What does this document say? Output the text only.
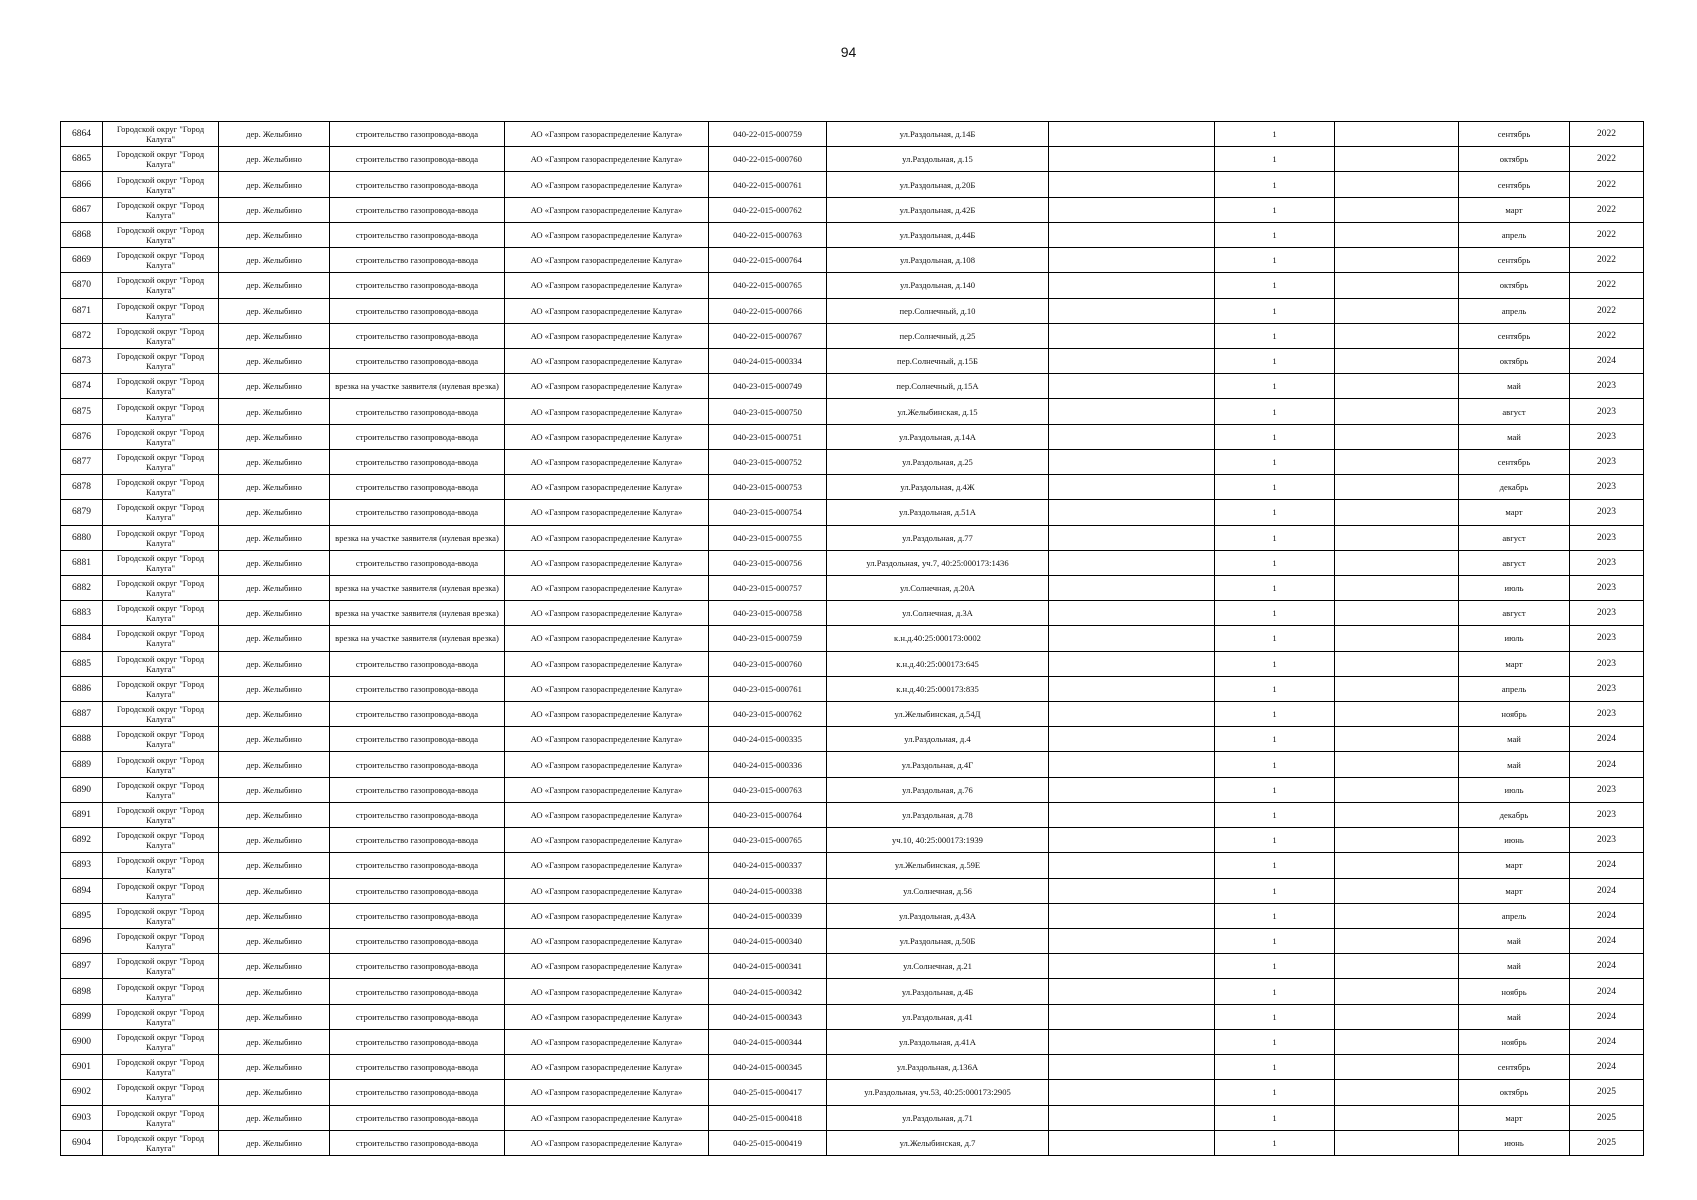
94
6864	Городской округ "Город Калуга"	дер. Желыбино	строительство газопровода-ввода	АО «Газпром газораспределение Калуга»	040-22-015-000759	ул.Раздольная, д.14Б		1		сентябрь	2022
6865	Городской округ "Город Калуга"	дер. Желыбино	строительство газопровода-ввода	АО «Газпром газораспределение Калуга»	040-22-015-000760	ул.Раздольная, д.15		1		октябрь	2022
6866	Городской округ "Город Калуга"	дер. Желыбино	строительство газопровода-ввода	АО «Газпром газораспределение Калуга»	040-22-015-000761	ул.Раздольная, д.20Б		1		сентябрь	2022
6867	Городской округ "Город Калуга"	дер. Желыбино	строительство газопровода-ввода	АО «Газпром газораспределение Калуга»	040-22-015-000762	ул.Раздольная, д.42Б		1		март	2022
6868	Городской округ "Город Калуга"	дер. Желыбино	строительство газопровода-ввода	АО «Газпром газораспределение Калуга»	040-22-015-000763	ул.Раздольная, д.44Б		1		апрель	2022
6869	Городской округ "Город Калуга"	дер. Желыбино	строительство газопровода-ввода	АО «Газпром газораспределение Калуга»	040-22-015-000764	ул.Раздольная, д.108		1		сентябрь	2022
6870	Городской округ "Город Калуга"	дер. Желыбино	строительство газопровода-ввода	АО «Газпром газораспределение Калуга»	040-22-015-000765	ул.Раздольная, д.140		1		октябрь	2022
6871	Городской округ "Город Калуга"	дер. Желыбино	строительство газопровода-ввода	АО «Газпром газораспределение Калуга»	040-22-015-000766	пер.Солнечный, д.10		1		апрель	2022
6872	Городской округ "Город Калуга"	дер. Желыбино	строительство газопровода-ввода	АО «Газпром газораспределение Калуга»	040-22-015-000767	пер.Солнечный, д.25		1		сентябрь	2022
6873	Городской округ "Город Калуга"	дер. Желыбино	строительство газопровода-ввода	АО «Газпром газораспределение Калуга»	040-24-015-000334	пер.Солнечный, д.15Б		1		октябрь	2024
6874	Городской округ "Город Калуга"	дер. Желыбино	врезка на участке заявителя (нулевая врезка)	АО «Газпром газораспределение Калуга»	040-23-015-000749	пер.Солнечный, д.15А		1		май	2023
6875	Городской округ "Город Калуга"	дер. Желыбино	строительство газопровода-ввода	АО «Газпром газораспределение Калуга»	040-23-015-000750	ул.Желыбинская, д.15		1		август	2023
6876	Городской округ "Город Калуга"	дер. Желыбино	строительство газопровода-ввода	АО «Газпром газораспределение Калуга»	040-23-015-000751	ул.Раздольная, д.14А		1		май	2023
6877	Городской округ "Город Калуга"	дер. Желыбино	строительство газопровода-ввода	АО «Газпром газораспределение Калуга»	040-23-015-000752	ул.Раздольная, д.25		1		сентябрь	2023
6878	Городской округ "Город Калуга"	дер. Желыбино	строительство газопровода-ввода	АО «Газпром газораспределение Калуга»	040-23-015-000753	ул.Раздольная, д.4Ж		1		декабрь	2023
6879	Городской округ "Город Калуга"	дер. Желыбино	строительство газопровода-ввода	АО «Газпром газораспределение Калуга»	040-23-015-000754	ул.Раздольная, д.51А		1		март	2023
6880	Городской округ "Город Калуга"	дер. Желыбино	врезка на участке заявителя (нулевая врезка)	АО «Газпром газораспределение Калуга»	040-23-015-000755	ул.Раздольная, д.77		1		август	2023
6881	Городской округ "Город Калуга"	дер. Желыбино	строительство газопровода-ввода	АО «Газпром газораспределение Калуга»	040-23-015-000756	ул.Раздольная, уч.7, 40:25:000173:1436		1		август	2023
6882	Городской округ "Город Калуга"	дер. Желыбино	врезка на участке заявителя (нулевая врезка)	АО «Газпром газораспределение Калуга»	040-23-015-000757	ул.Солнечная, д.20А		1		июль	2023
6883	Городской округ "Город Калуга"	дер. Желыбино	врезка на участке заявителя (нулевая врезка)	АО «Газпром газораспределение Калуга»	040-23-015-000758	ул.Солнечная, д.3А		1		август	2023
6884	Городской округ "Город Калуга"	дер. Желыбино	врезка на участке заявителя (нулевая врезка)	АО «Газпром газораспределение Калуга»	040-23-015-000759	к.н.д.40:25:000173:0002		1		июль	2023
6885	Городской округ "Город Калуга"	дер. Желыбино	строительство газопровода-ввода	АО «Газпром газораспределение Калуга»	040-23-015-000760	к.н.д.40:25:000173:645		1		март	2023
6886	Городской округ "Город Калуга"	дер. Желыбино	строительство газопровода-ввода	АО «Газпром газораспределение Калуга»	040-23-015-000761	к.н.д.40:25:000173:835		1		апрель	2023
6887	Городской округ "Город Калуга"	дер. Желыбино	строительство газопровода-ввода	АО «Газпром газораспределение Калуга»	040-23-015-000762	ул.Желыбинская, д.54Д		1		ноябрь	2023
6888	Городской округ "Город Калуга"	дер. Желыбино	строительство газопровода-ввода	АО «Газпром газораспределение Калуга»	040-24-015-000335	ул.Раздольная, д.4		1		май	2024
6889	Городской округ "Город Калуга"	дер. Желыбино	строительство газопровода-ввода	АО «Газпром газораспределение Калуга»	040-24-015-000336	ул.Раздольная, д.4Г		1		май	2024
6890	Городской округ "Город Калуга"	дер. Желыбино	строительство газопровода-ввода	АО «Газпром газораспределение Калуга»	040-23-015-000763	ул.Раздольная, д.76		1		июль	2023
6891	Городской округ "Город Калуга"	дер. Желыбино	строительство газопровода-ввода	АО «Газпром газораспределение Калуга»	040-23-015-000764	ул.Раздольная, д.78		1		декабрь	2023
6892	Городской округ "Город Калуга"	дер. Желыбино	строительство газопровода-ввода	АО «Газпром газораспределение Калуга»	040-23-015-000765	уч.10, 40:25:000173:1939		1		июнь	2023
6893	Городской округ "Город Калуга"	дер. Желыбино	строительство газопровода-ввода	АО «Газпром газораспределение Калуга»	040-24-015-000337	ул.Желыбинская, д.59Е		1		март	2024
6894	Городской округ "Город Калуга"	дер. Желыбино	строительство газопровода-ввода	АО «Газпром газораспределение Калуга»	040-24-015-000338	ул.Солнечная, д.56		1		март	2024
6895	Городской округ "Город Калуга"	дер. Желыбино	строительство газопровода-ввода	АО «Газпром газораспределение Калуга»	040-24-015-000339	ул.Раздольная, д.43А		1		апрель	2024
6896	Городской округ "Город Калуга"	дер. Желыбино	строительство газопровода-ввода	АО «Газпром газораспределение Калуга»	040-24-015-000340	ул.Раздольная, д.50Б		1		май	2024
6897	Городской округ "Город Калуга"	дер. Желыбино	строительство газопровода-ввода	АО «Газпром газораспределение Калуга»	040-24-015-000341	ул.Солнечная, д.21		1		май	2024
6898	Городской округ "Город Калуга"	дер. Желыбино	строительство газопровода-ввода	АО «Газпром газораспределение Калуга»	040-24-015-000342	ул.Раздольная, д.4Б		1		ноябрь	2024
6899	Городской округ "Город Калуга"	дер. Желыбино	строительство газопровода-ввода	АО «Газпром газораспределение Калуга»	040-24-015-000343	ул.Раздольная, д.41		1		май	2024
6900	Городской округ "Город Калуга"	дер. Желыбино	строительство газопровода-ввода	АО «Газпром газораспределение Калуга»	040-24-015-000344	ул.Раздольная, д.41А		1		ноябрь	2024
6901	Городской округ "Город Калуга"	дер. Желыбино	строительство газопровода-ввода	АО «Газпром газораспределение Калуга»	040-24-015-000345	ул.Раздольная, д.136А		1		сентябрь	2024
6902	Городской округ "Город Калуга"	дер. Желыбино	строительство газопровода-ввода	АО «Газпром газораспределение Калуга»	040-25-015-000417	ул.Раздольная, уч.53, 40:25:000173:2905		1		октябрь	2025
6903	Городской округ "Город Калуга"	дер. Желыбино	строительство газопровода-ввода	АО «Газпром газораспределение Калуга»	040-25-015-000418	ул.Раздольная, д.71		1		март	2025
6904	Городской округ "Город Калуга"	дер. Желыбино	строительство газопровода-ввода	АО «Газпром газораспределение Калуга»	040-25-015-000419	ул.Желыбинская, д.7		1		июнь	2025
